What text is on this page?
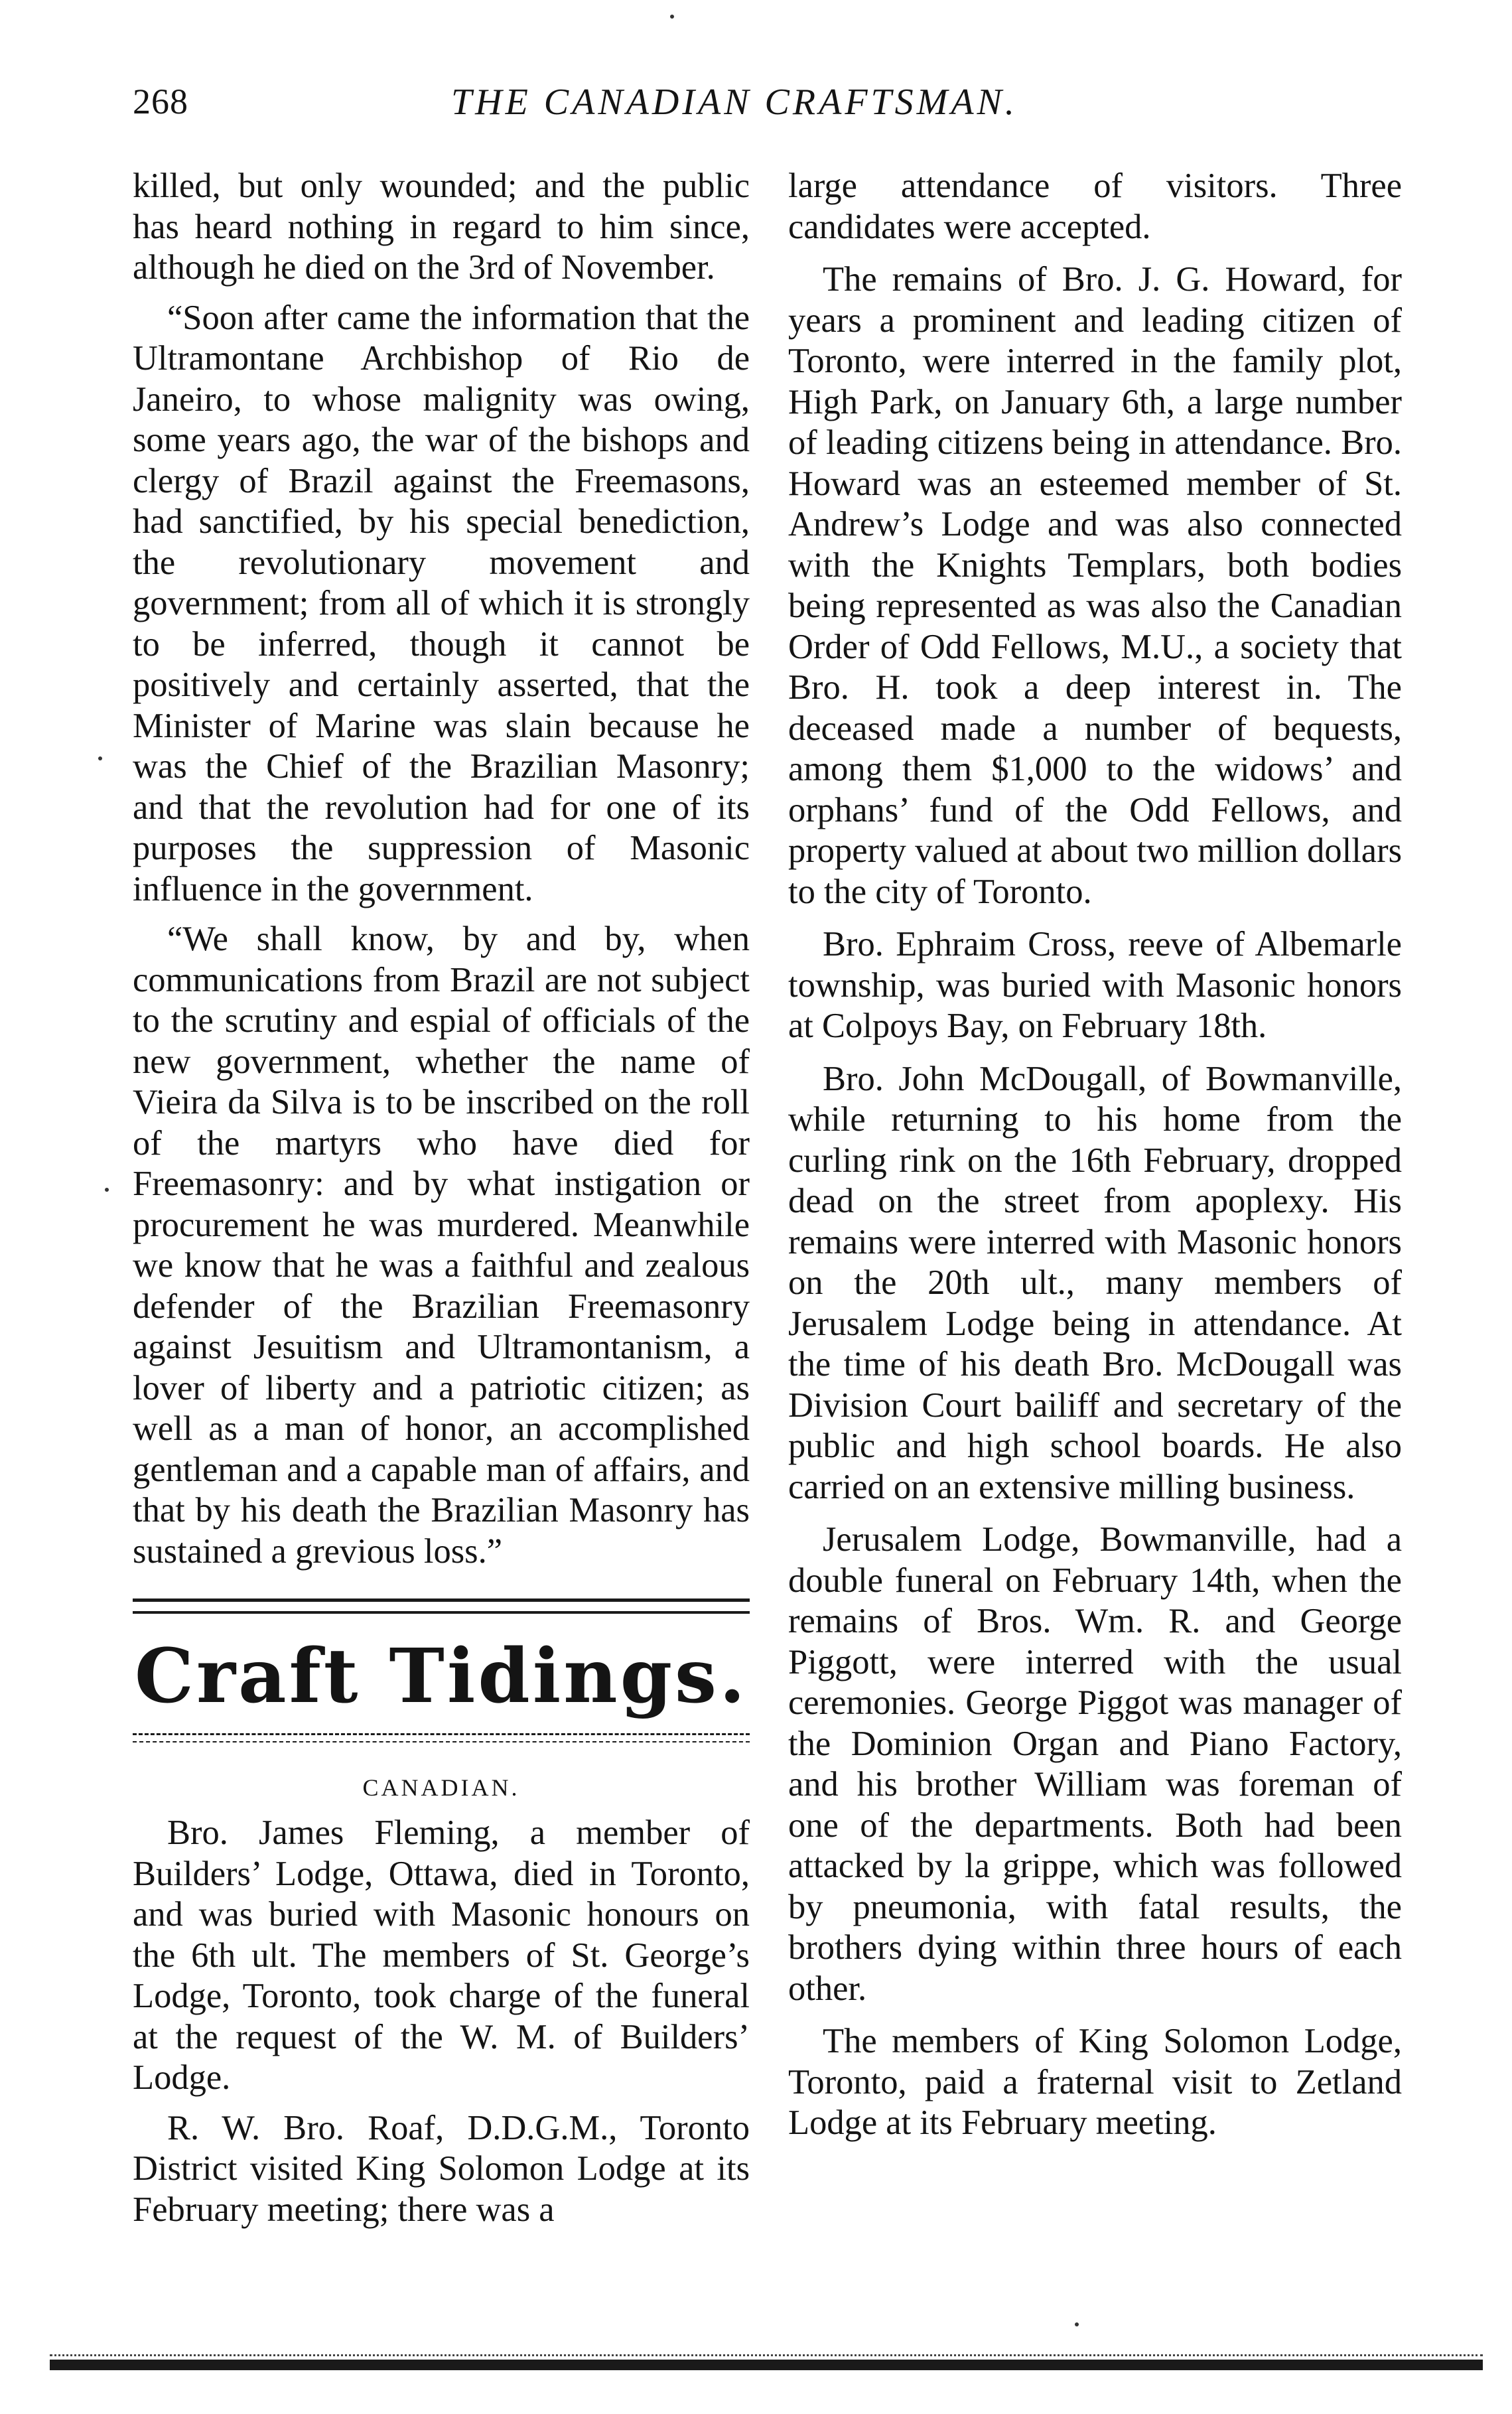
268	THE CANADIAN CRAFTSMAN.

killed, but only wounded; and the public has heard nothing in regard to him since, although he died on the 3rd of November.

“Soon after came the information that the Ultramontane Archbishop of Rio de Janeiro, to whose malignity was owing, some years ago, the war of the bishops and clergy of Brazil against the Freemasons, had sanctified, by his special benediction, the revolutionary movement and government; from all of which it is strongly to be inferred, though it cannot be positively and certainly asserted, that the Minister of Marine was slain because he was the Chief of the Brazilian Masonry; and that the revolution had for one of its purposes the suppression of Masonic influence in the government.

“We shall know, by and by, when communications from Brazil are not subject to the scrutiny and espial of officials of the new government, whether the name of Vieira da Silva is to be inscribed on the roll of the martyrs who have died for Freemasonry: and by what instigation or procurement he was murdered. Meanwhile we know that he was a faithful and zealous defender of the Brazilian Freemasonry against Jesuitism and Ultramontanism, a lover of liberty and a patriotic citizen; as well as a man of honor, an accomplished gentleman and a capable man of affairs, and that by his death the Brazilian Masonry has sustained a grevious loss.”

Craft Tidings.
CANADIAN.

Bro. James Fleming, a member of Builders’ Lodge, Ottawa, died in Toronto, and was buried with Masonic honours on the 6th ult. The members of St. George’s Lodge, Toronto, took charge of the funeral at the request of the W. M. of Builders’ Lodge.

R. W. Bro. Roaf, D.D.G.M., Toronto District visited King Solomon Lodge at its February meeting; there was a

large attendance of visitors. Three candidates were accepted.

The remains of Bro. J. G. Howard, for years a prominent and leading citizen of Toronto, were interred in the family plot, High Park, on January 6th, a large number of leading citizens being in attendance. Bro. Howard was an esteemed member of St. Andrew’s Lodge and was also connected with the Knights Templars, both bodies being represented as was also the Canadian Order of Odd Fellows, M.U., a society that Bro. H. took a deep interest in. The deceased made a number of bequests, among them $1,000 to the widows’ and orphans’ fund of the Odd Fellows, and property valued at about two million dollars to the city of Toronto.

Bro. Ephraim Cross, reeve of Albemarle township, was buried with Masonic honors at Colpoys Bay, on February 18th.

Bro. John McDougall, of Bowmanville, while returning to his home from the curling rink on the 16th February, dropped dead on the street from apoplexy. His remains were interred with Masonic honors on the 20th ult., many members of Jerusalem Lodge being in attendance. At the time of his death Bro. McDougall was Division Court bailiff and secretary of the public and high school boards. He also carried on an extensive milling business.

Jerusalem Lodge, Bowmanville, had a double funeral on February 14th, when the remains of Bros. Wm. R. and George Piggott, were interred with the usual ceremonies. George Piggot was manager of the Dominion Organ and Piano Factory, and his brother William was foreman of one of the departments. Both had been attacked by la grippe, which was followed by pneumonia, with fatal results, the brothers dying within three hours of each other.

The members of King Solomon Lodge, Toronto, paid a fraternal visit to Zetland Lodge at its February meeting.
